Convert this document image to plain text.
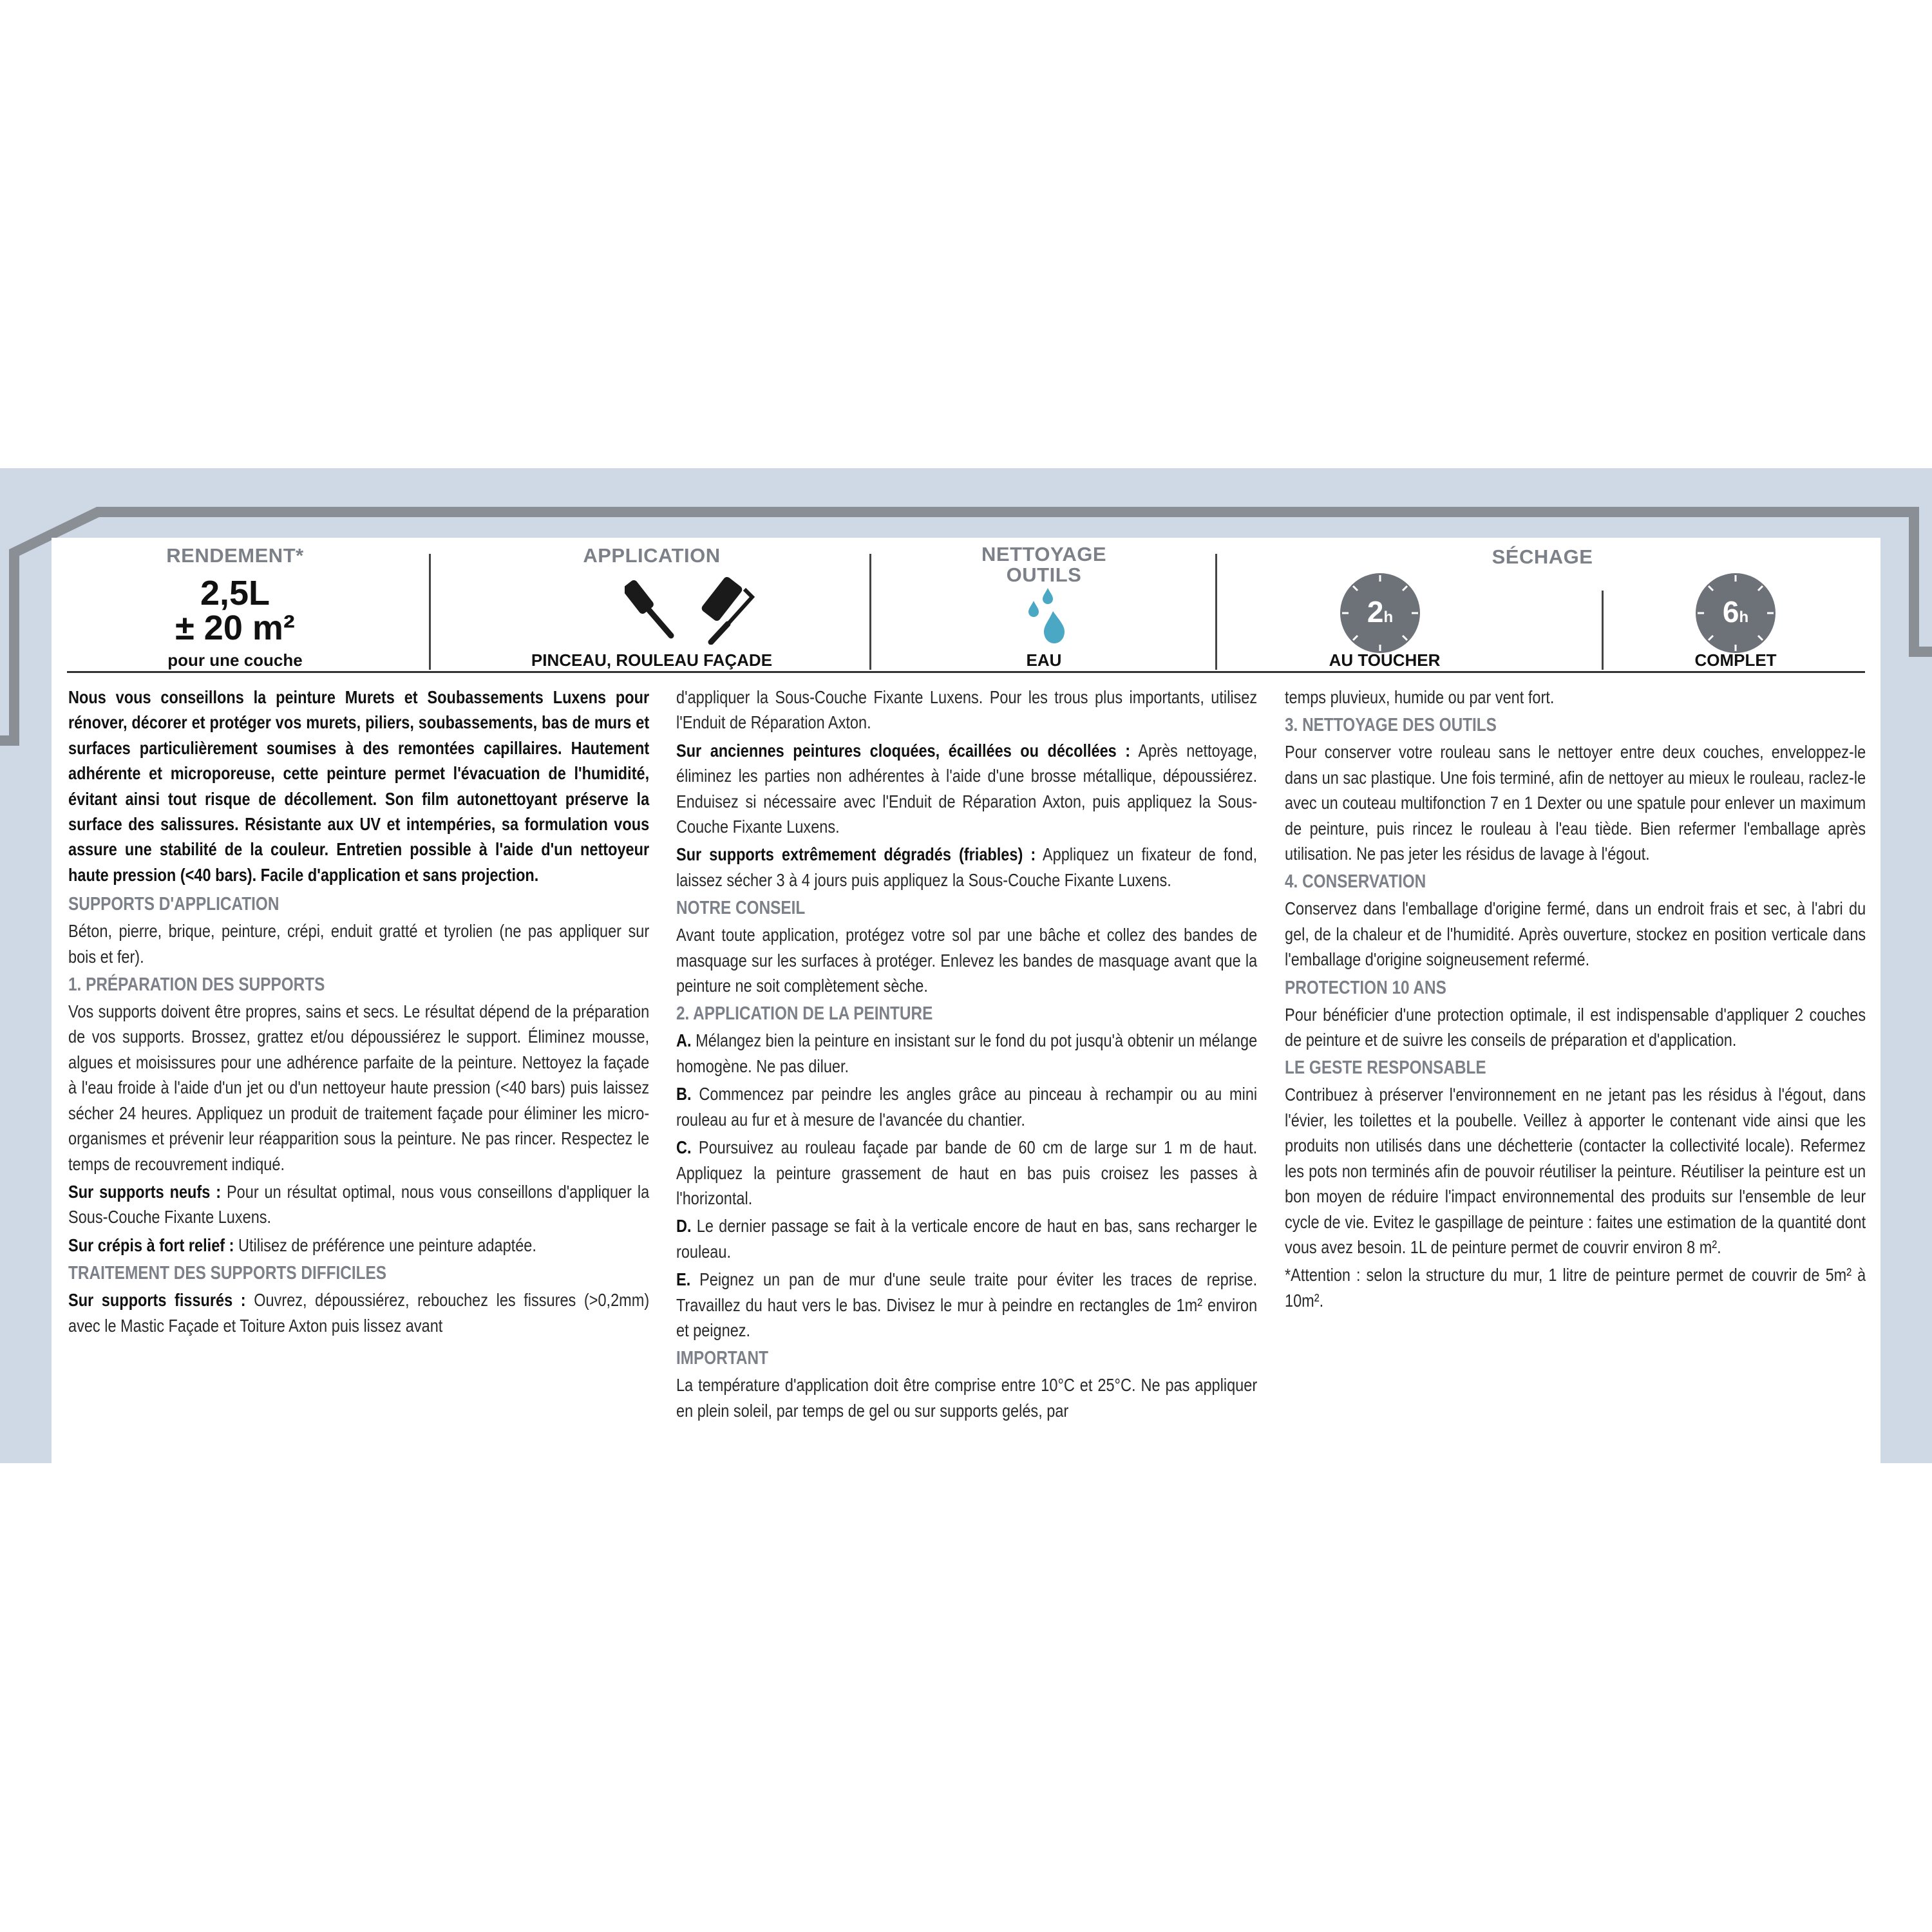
RENDEMENT*
2,5L
± 20 m²
pour une couche
APPLICATION
PINCEAU, ROULEAU FAÇADE
NETTOYAGE
OUTILS
EAU
SÉCHAGE
2h
AU TOUCHER
6h
COMPLET

Nous vous conseillons la peinture Murets et Soubassements Luxens pour rénover, décorer et protéger vos murets, piliers, soubassements, bas de murs et surfaces particulièrement soumises à des remontées capillaires. Hautement adhérente et microporeuse, cette peinture permet l'évacuation de l'humidité, évitant ainsi tout risque de décollement. Son film autonettoyant préserve la surface des salissures. Résistante aux UV et intempéries, sa formulation vous assure une stabilité de la couleur. Entretien possible à l'aide d'un nettoyeur haute pression (<40 bars). Facile d'application et sans projection.

SUPPORTS D'APPLICATION

Béton, pierre, brique, peinture, crépi, enduit gratté et tyrolien (ne pas appliquer sur bois et fer).

1. PRÉPARATION DES SUPPORTS

Vos supports doivent être propres, sains et secs. Le résultat dépend de la préparation de vos supports. Brossez, grattez et/ou dépoussiérez le support. Éliminez mousse, algues et moisissures pour une adhérence parfaite de la peinture. Nettoyez la façade à l'eau froide à l'aide d'un jet ou d'un nettoyeur haute pression (<40 bars) puis laissez sécher 24 heures. Appliquez un produit de traitement façade pour éliminer les micro-organismes et prévenir leur réapparition sous la peinture. Ne pas rincer. Respectez le temps de recouvrement indiqué.

Sur supports neufs : Pour un résultat optimal, nous vous conseillons d'appliquer la Sous-Couche Fixante Luxens.

Sur crépis à fort relief : Utilisez de préférence une peinture adaptée.

TRAITEMENT DES SUPPORTS DIFFICILES

Sur supports fissurés : Ouvrez, dépoussiérez, rebouchez les fissures (>0,2mm) avec le Mastic Façade et Toiture Axton puis lissez avant

d'appliquer la Sous-Couche Fixante Luxens. Pour les trous plus importants, utilisez l'Enduit de Réparation Axton.

Sur anciennes peintures cloquées, écaillées ou décollées : Après nettoyage, éliminez les parties non adhérentes à l'aide d'une brosse métallique, dépoussiérez. Enduisez si nécessaire avec l'Enduit de Réparation Axton, puis appliquez la Sous-Couche Fixante Luxens.

Sur supports extrêmement dégradés (friables) : Appliquez un fixateur de fond, laissez sécher 3 à 4 jours puis appliquez la Sous-Couche Fixante Luxens.

NOTRE CONSEIL

Avant toute application, protégez votre sol par une bâche et collez des bandes de masquage sur les surfaces à protéger. Enlevez les bandes de masquage avant que la peinture ne soit complètement sèche.

2. APPLICATION DE LA PEINTURE

A. Mélangez bien la peinture en insistant sur le fond du pot jusqu'à obtenir un mélange homogène. Ne pas diluer.

B. Commencez par peindre les angles grâce au pinceau à rechampir ou au mini rouleau au fur et à mesure de l'avancée du chantier.

C. Poursuivez au rouleau façade par bande de 60 cm de large sur 1 m de haut. Appliquez la peinture grassement de haut en bas puis croisez les passes à l'horizontal.

D. Le dernier passage se fait à la verticale encore de haut en bas, sans recharger le rouleau.

E. Peignez un pan de mur d'une seule traite pour éviter les traces de reprise. Travaillez du haut vers le bas. Divisez le mur à peindre en rectangles de 1m² environ et peignez.

IMPORTANT

La température d'application doit être comprise entre 10°C et 25°C. Ne pas appliquer en plein soleil, par temps de gel ou sur supports gelés, par

temps pluvieux, humide ou par vent fort.

3. NETTOYAGE DES OUTILS

Pour conserver votre rouleau sans le nettoyer entre deux couches, enveloppez-le dans un sac plastique. Une fois terminé, afin de nettoyer au mieux le rouleau, raclez-le avec un couteau multifonction 7 en 1 Dexter ou une spatule pour enlever un maximum de peinture, puis rincez le rouleau à l'eau tiède. Bien refermer l'emballage après utilisation. Ne pas jeter les résidus de lavage à l'égout.

4. CONSERVATION

Conservez dans l'emballage d'origine fermé, dans un endroit frais et sec, à l'abri du gel, de la chaleur et de l'humidité. Après ouverture, stockez en position verticale dans l'emballage d'origine soigneusement refermé.

PROTECTION 10 ANS

Pour bénéficier d'une protection optimale, il est indispensable d'appliquer 2 couches de peinture et de suivre les conseils de préparation et d'application.

LE GESTE RESPONSABLE

Contribuez à préserver l'environnement en ne jetant pas les résidus à l'égout, dans l'évier, les toilettes et la poubelle. Veillez à apporter le contenant vide ainsi que les produits non utilisés dans une déchetterie (contacter la collectivité locale). Refermez les pots non terminés afin de pouvoir réutiliser la peinture. Réutiliser la peinture est un bon moyen de réduire l'impact environnemental des produits sur l'ensemble de leur cycle de vie. Evitez le gaspillage de peinture : faites une estimation de la quantité dont vous avez besoin. 1L de peinture permet de couvrir environ 8 m².

*Attention : selon la structure du mur, 1 litre de peinture permet de couvrir de 5m² à 10m².
